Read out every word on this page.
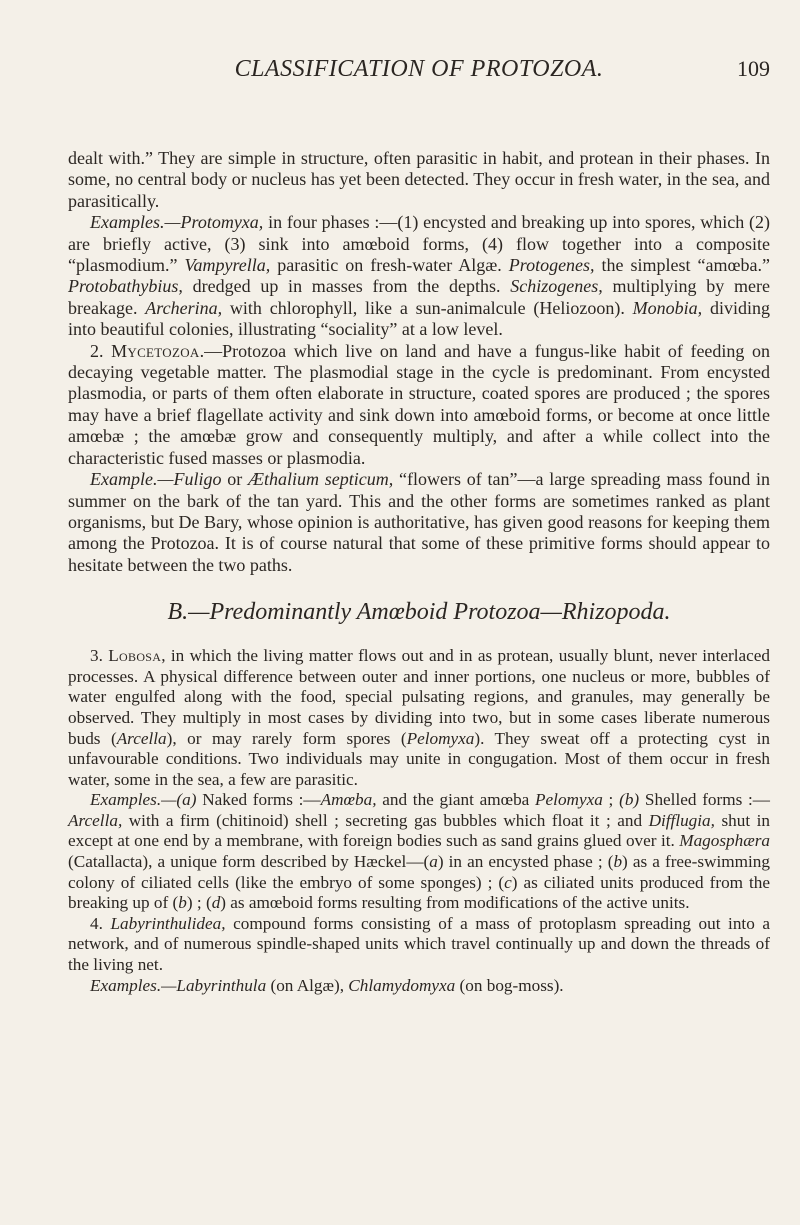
CLASSIFICATION OF PROTOZOA.	109

dealt with.” They are simple in structure, often parasitic in habit, and protean in their phases. In some, no central body or nucleus has yet been detected. They occur in fresh water, in the sea, and parasitically.

Examples.—Protomyxa, in four phases :—(1) encysted and breaking up into spores, which (2) are briefly active, (3) sink into amœboid forms, (4) flow together into a composite “plasmodium.” Vampyrella, parasitic on fresh-water Algæ. Protogenes, the simplest “amœba.” Protobathybius, dredged up in masses from the depths. Schizogenes, multiplying by mere breakage. Archerina, with chlorophyll, like a sun-animalcule (Heliozoon). Monobia, dividing into beautiful colonies, illustrating “sociality” at a low level.

2. Mycetozoa.—Protozoa which live on land and have a fungus-like habit of feeding on decaying vegetable matter. The plasmodial stage in the cycle is predominant. From encysted plasmodia, or parts of them often elaborate in structure, coated spores are produced ; the spores may have a brief flagellate activity and sink down into amœboid forms, or become at once little amœbæ ; the amœbæ grow and consequently multiply, and after a while collect into the characteristic fused masses or plasmodia.

Example.—Fuligo or Æthalium septicum, “flowers of tan”—a large spreading mass found in summer on the bark of the tan yard. This and the other forms are sometimes ranked as plant organisms, but De Bary, whose opinion is authoritative, has given good reasons for keeping them among the Protozoa. It is of course natural that some of these primitive forms should appear to hesitate between the two paths.

B.—Predominantly Amœboid Protozoa—Rhizopoda.

3. Lobosa, in which the living matter flows out and in as protean, usually blunt, never interlaced processes. A physical difference between outer and inner portions, one nucleus or more, bubbles of water engulfed along with the food, special pulsating regions, and granules, may generally be observed. They multiply in most cases by dividing into two, but in some cases liberate numerous buds (Arcella), or may rarely form spores (Pelomyxa). They sweat off a protecting cyst in unfavourable conditions. Two individuals may unite in congugation. Most of them occur in fresh water, some in the sea, a few are parasitic.

Examples.—(a) Naked forms :—Amœba, and the giant amœba Pelomyxa ; (b) Shelled forms :—Arcella, with a firm (chitinoid) shell ; secreting gas bubbles which float it ; and Difflugia, shut in except at one end by a membrane, with foreign bodies such as sand grains glued over it. Magosphæra (Catallacta), a unique form described by Hæckel—(a) in an encysted phase ; (b) as a free-swimming colony of ciliated cells (like the embryo of some sponges) ; (c) as ciliated units produced from the breaking up of (b) ; (d) as amœboid forms resulting from modifications of the active units.

4. Labyrinthulidea, compound forms consisting of a mass of protoplasm spreading out into a network, and of numerous spindle-shaped units which travel continually up and down the threads of the living net.

Examples.—Labyrinthula (on Algæ), Chlamydomyxa (on bog-moss).
